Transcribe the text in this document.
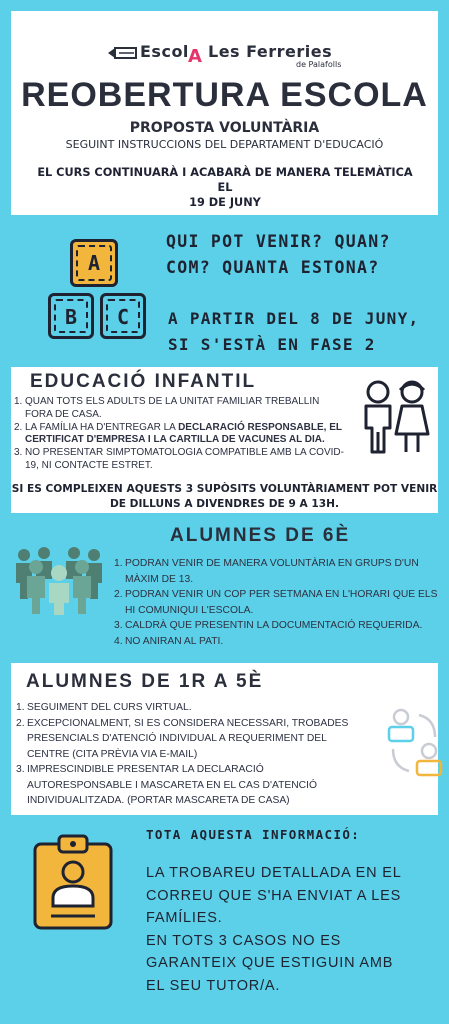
Escol A Les Ferreries
de Palafolls
REOBERTURA ESCOLA
PROPOSTA VOLUNTÀRIA
SEGUINT INSTRUCCIONS DEL DEPARTAMENT D'EDUCACIÓ
EL CURS CONTINUARÀ I ACABARÀ DE MANERA TELEMÀTICA EL
19 DE JUNY
A
B	C
QUI POT VENIR? QUAN?
COM? QUANTA ESTONA?
A PARTIR DEL 8 DE JUNY,
SI S'ESTÀ EN FASE 2
EDUCACIÓ INFANTIL
1. QUAN TOTS ELS ADULTS DE LA UNITAT FAMILIAR TREBALLIN FORA DE CASA.
2. LA FAMÍLIA HA D'ENTREGAR LA DECLARACIÓ RESPONSABLE, EL CERTIFICAT D'EMPRESA I LA CARTILLA DE VACUNES AL DIA.
3. NO PRESENTAR SIMPTOMATOLOGIA COMPATIBLE AMB LA COVID-19, NI CONTACTE ESTRET.
SI ES COMPLEIXEN AQUESTS 3 SUPÒSITS VOLUNTÀRIAMENT POT VENIR
DE DILLUNS A DIVENDRES DE 9 A 13H.
ALUMNES DE 6È
1. PODRAN VENIR DE MANERA VOLUNTÀRIA EN GRUPS D'UN MÀXIM DE 13.
2. PODRAN VENIR UN COP PER SETMANA EN L'HORARI QUE ELS HI COMUNIQUI L'ESCOLA.
3. CALDRÀ QUE PRESENTIN LA DOCUMENTACIÓ REQUERIDA.
4. NO ANIRAN AL PATI.
ALUMNES DE 1R A 5È
1. SEGUIMENT DEL CURS VIRTUAL.
2. EXCEPCIONALMENT, SI ES CONSIDERA NECESSARI, TROBADES PRESENCIALS D'ATENCIÓ INDIVIDUAL A REQUERIMENT DEL CENTRE (CITA PRÈVIA VIA E-MAIL)
3. IMPRESCINDIBLE PRESENTAR LA DECLARACIÓ AUTORESPONSABLE I MASCARETA EN EL CAS D'ATENCIÓ INDIVIDUALITZADA. (PORTAR MASCARETA DE CASA)
TOTA AQUESTA INFORMACIÓ:
LA TROBAREU DETALLADA EN EL
CORREU QUE S'HA ENVIAT A LES
FAMÍLIES.
EN TOTS 3 CASOS NO ES
GARANTEIX QUE ESTIGUIN AMB
EL SEU TUTOR/A.
